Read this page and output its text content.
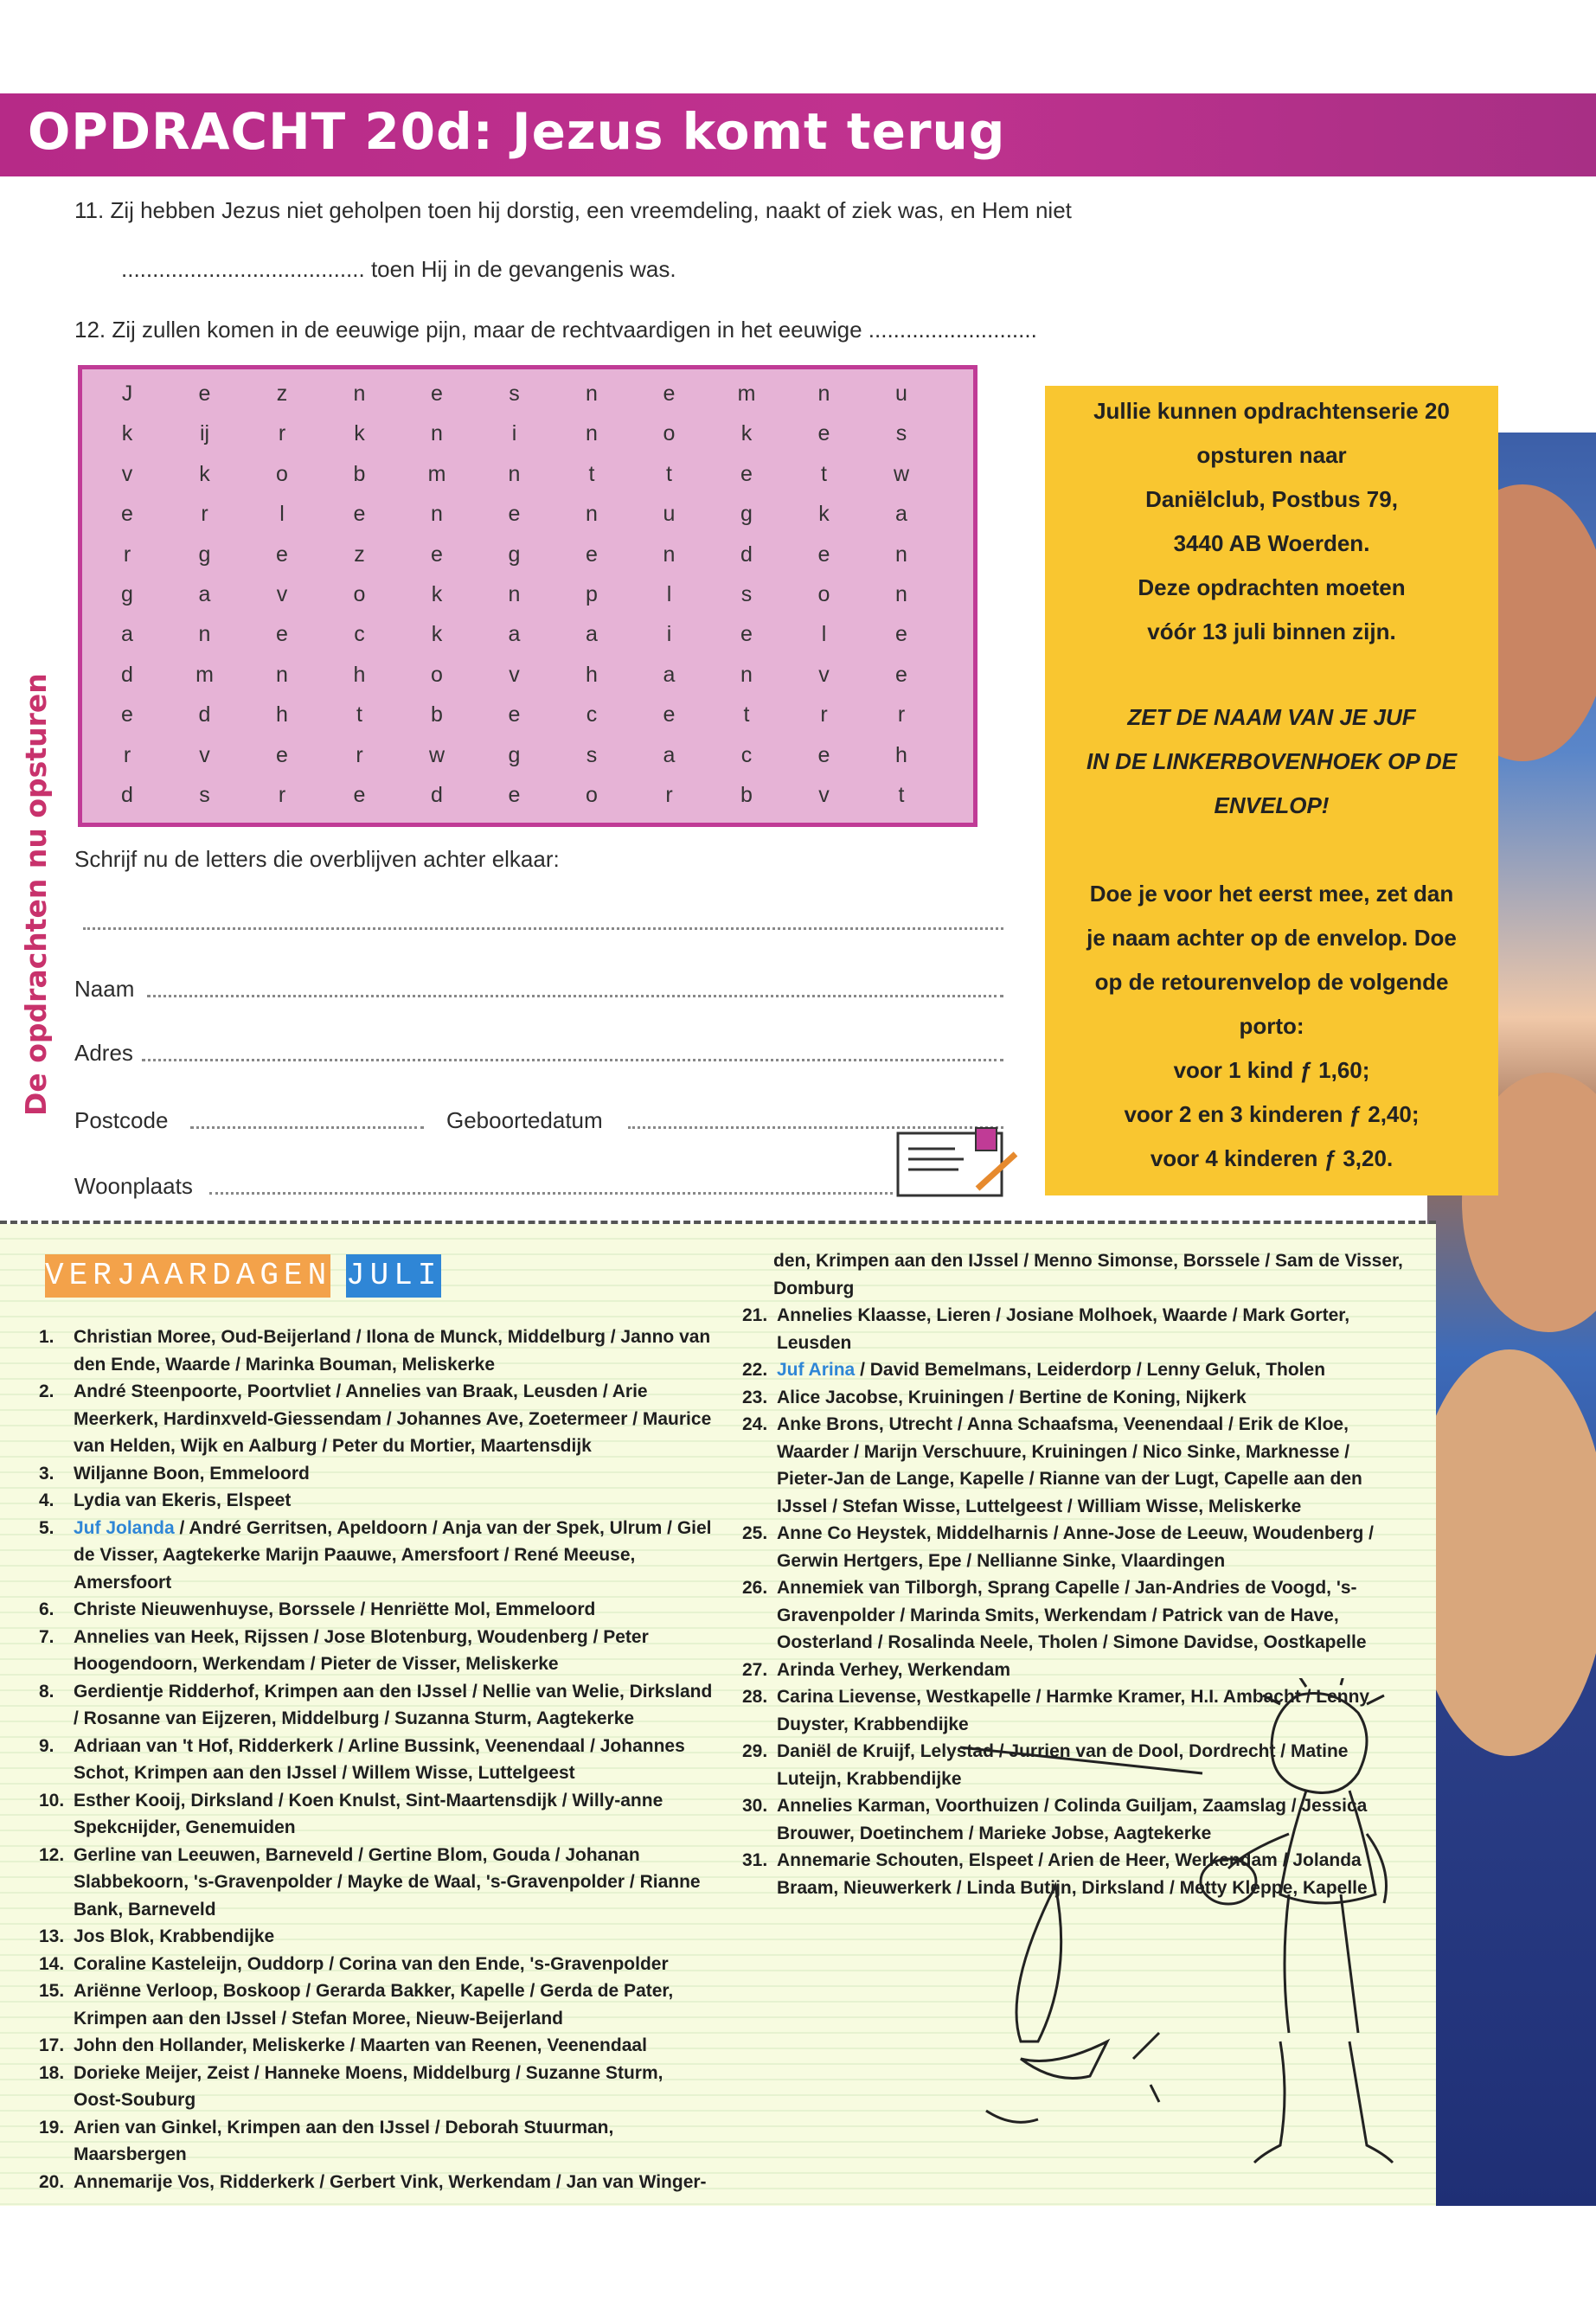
OPDRACHT 20d: Jezus komt terug
De opdrachten nu opsturen
11. Zij hebben Jezus niet geholpen toen hij dorstig, een vreemdeling, naakt of ziek was, en Hem niet
....................................... toen Hij in de gevangenis was.
12. Zij zullen komen in de eeuwige pijn, maar de rechtvaardigen in het eeuwige ...........................
J	e	z	n	e	s	n	e	m	n	u
k	ij	r	k	n	i	n	o	k	e	s
v	k	o	b	m	n	t	t	e	t	w
e	r	l	e	n	e	n	u	g	k	a
r	g	e	z	e	g	e	n	d	e	n
g	a	v	o	k	n	p	l	s	o	n
a	n	e	c	k	a	a	i	e	l	e
d	m	n	h	o	v	h	a	n	v	e
e	d	h	t	b	e	c	e	t	r	r
r	v	e	r	w	g	s	a	c	e	h
d	s	r	e	d	e	o	r	b	v	t
Schrijf nu de letters die overblijven achter elkaar:
Naam
Adres
Postcode	Geboortedatum
Woonplaats
Jullie kunnen opdrachtenserie 20
opsturen naar
Daniëlclub, Postbus 79,
3440 AB Woerden.
Deze opdrachten moeten
vóór 13 juli binnen zijn.
ZET DE NAAM VAN JE JUF
IN DE LINKERBOVENHOEK OP DE
ENVELOP!
Doe je voor het eerst mee, zet dan
je naam achter op de envelop. Doe
op de retourenvelop de volgende
porto:
voor 1 kind ƒ 1,60;
voor 2 en 3 kinderen ƒ 2,40;
voor 4 kinderen ƒ 3,20.
VERJAARDAGEN JULI
1.	Christian Moree, Oud-Beijerland / Ilona de Munck, Middelburg / Janno van den Ende, Waarde / Marinka Bouman, Meliskerke
2.	André Steenpoorte, Poortvliet / Annelies van Braak, Leusden / Arie Meerkerk, Hardinxveld-Giessendam / Johannes Ave, Zoetermeer / Maurice van Helden, Wijk en Aalburg / Peter du Mortier, Maartensdijk
3.	Wiljanne Boon, Emmeloord
4.	Lydia van Ekeris, Elspeet
5.	Juf Jolanda / André Gerritsen, Apeldoorn / Anja van der Spek, Ulrum / Giel de Visser, Aagtekerke Marijn Paauwe, Amersfoort / René Meeuse, Amersfoort
6.	Christe Nieuwenhuyse, Borssele / Henriëtte Mol, Emmeloord
7.	Annelies van Heek, Rijssen / Jose Blotenburg, Woudenberg / Peter Hoogendoorn, Werkendam / Pieter de Visser, Meliskerke
8.	Gerdientje Ridderhof, Krimpen aan den IJssel / Nellie van Welie, Dirksland / Rosanne van Eijzeren, Middelburg / Suzanna Sturm, Aagtekerke
9.	Adriaan van 't Hof, Ridderkerk / Arline Bussink, Veenendaal / Johannes Schot, Krimpen aan den IJssel / Willem Wisse, Luttelgeest
10. Esther Kooij, Dirksland / Koen Knulst, Sint-Maartensdijk / Willy-anne Spekснijder, Genemuiden
12. Gerline van Leeuwen, Barneveld / Gertine Blom, Gouda / Johanan Slabbekoorn, 's-Gravenpolder / Mayke de Waal, 's-Gravenpolder / Rianne Bank, Barneveld
13. Jos Blok, Krabbendijke
14. Coraline Kasteleijn, Ouddorp / Corina van den Ende, 's-Gravenpolder
15. Ariënne Verloop, Boskoop / Gerarda Bakker, Kapelle / Gerda de Pater, Krimpen aan den IJssel / Stefan Moree, Nieuw-Beijerland
17. John den Hollander, Meliskerke / Maarten van Reenen, Veenendaal
18. Dorieke Meijer, Zeist / Hanneke Moens, Middelburg / Suzanne Sturm, Oost-Souburg
19. Arien van Ginkel, Krimpen aan den IJssel / Deborah Stuurman, Maarsbergen
20. Annemarije Vos, Ridderkerk / Gerbert Vink, Werkendam / Jan van Winger-
den, Krimpen aan den IJssel / Menno Simonse, Borssele / Sam de Visser, Domburg
21. Annelies Klaasse, Lieren / Josiane Molhoek, Waarde / Mark Gorter, Leusden
22. Juf Arina / David Bemelmans, Leiderdorp / Lenny Geluk, Tholen
23. Alice Jacobse, Kruiningen / Bertine de Koning, Nijkerk
24. Anke Brons, Utrecht / Anna Schaafsma, Veenendaal / Erik de Kloe, Waarder / Marijn Verschuure, Kruiningen / Nico Sinke, Marknesse / Pieter-Jan de Lange, Kapelle / Rianne van der Lugt, Capelle aan den IJssel / Stefan Wisse, Luttelgeest / William Wisse, Meliskerke
25. Anne Co Heystek, Middelharnis / Anne-Jose de Leeuw, Woudenberg / Gerwin Hertgers, Epe / Nellianne Sinke, Vlaardingen
26. Annemiek van Tilborgh, Sprang Capelle / Jan-Andries de Voogd, 's-Gravenpolder / Marinda Smits, Werkendam / Patrick van de Have, Oosterland / Rosalinda Neele, Tholen / Simone Davidse, Oostkapelle
27. Arinda Verhey, Werkendam
28. Carina Lievense, Westkapelle / Harmke Kramer, H.I. Ambacht / Lenny Duyster, Krabbendijke
29. Daniël de Kruijf, Lelystad / Jurrien van de Dool, Dordrecht / Matine Luteijn, Krabbendijke
30. Annelies Karman, Voorthuizen / Colinda Guiljam, Zaamslag / Jessica Brouwer, Doetinchem / Marieke Jobse, Aagtekerke
31. Annemarie Schouten, Elspeet / Arien de Heer, Werkendam / Jolanda Braam, Nieuwerkerk / Linda Butijn, Dirksland / Metty Kleppe, Kapelle
